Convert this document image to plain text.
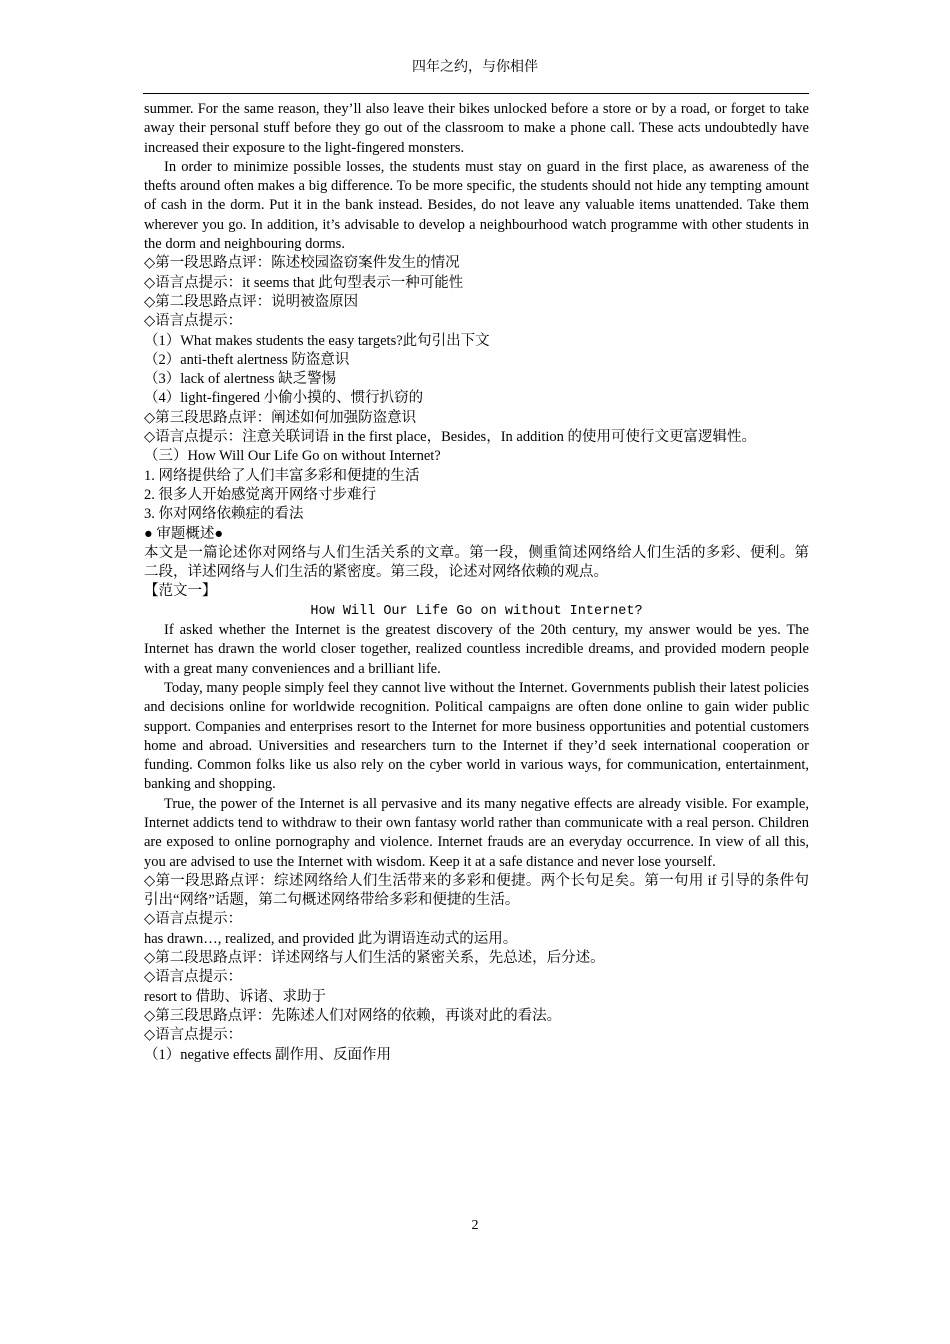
四年之约，与你相伴

summer. For the same reason, they’ll also leave their bikes unlocked before a store or by a road, or forget to take away their personal stuff before they go out of the classroom to make a phone call. These acts undoubtedly have increased their exposure to the light-fingered monsters.

In order to minimize possible losses, the students must stay on guard in the first place, as awareness of the thefts around often makes a big difference. To be more specific, the students should not hide any tempting amount of cash in the dorm. Put it in the bank instead. Besides, do not leave any valuable items unattended. Take them wherever you go. In addition, it’s advisable to develop a neighbourhood watch programme with other students in the dorm and neighbouring dorms.

◇第一段思路点评：陈述校园盗窃案件发生的情况

◇语言点提示：it seems that 此句型表示一种可能性

◇第二段思路点评：说明被盗原因

◇语言点提示：

（1）What makes students the easy targets?此句引出下文

（2）anti-theft alertness 防盗意识

（3）lack of alertness 缺乏警惕

（4）light-fingered 小偷小摸的、惯行扒窃的

◇第三段思路点评：阐述如何加强防盗意识

◇语言点提示：注意关联词语 in the first place，Besides，In addition 的使用可使行文更富逻辑性。

（三）How Will Our Life Go on without Internet?

1. 网络提供给了人们丰富多彩和便捷的生活

2. 很多人开始感觉离开网络寸步难行

3. 你对网络依赖症的看法

● 审题概述●

本文是一篇论述你对网络与人们生活关系的文章。第一段，侧重简述网络给人们生活的多彩、便利。第二段，详述网络与人们生活的紧密度。第三段，论述对网络依赖的观点。

【范文一】

How Will Our Life Go on without Internet?

If asked whether the Internet is the greatest discovery of the 20th century, my answer would be yes. The Internet has drawn the world closer together, realized countless incredible dreams, and provided modern people with a great many conveniences and a brilliant life.

Today, many people simply feel they cannot live without the Internet. Governments publish their latest policies and decisions online for worldwide recognition. Political campaigns are often done online to gain wider public support. Companies and enterprises resort to the Internet for more business opportunities and potential customers home and abroad. Universities and researchers turn to the Internet if they’d seek international cooperation or funding. Common folks like us also rely on the cyber world in various ways, for communication, entertainment, banking and shopping.

True, the power of the Internet is all pervasive and its many negative effects are already visible. For example, Internet addicts tend to withdraw to their own fantasy world rather than communicate with a real person. Children are exposed to online pornography and violence. Internet frauds are an everyday occurrence. In view of all this, you are advised to use the Internet with wisdom. Keep it at a safe distance and never lose yourself.

◇第一段思路点评：综述网络给人们生活带来的多彩和便捷。两个长句足矣。第一句用 if 引导的条件句引出“网络”话题，第二句概述网络带给多彩和便捷的生活。

◇语言点提示：

has drawn…, realized, and provided 此为谓语连动式的运用。

◇第二段思路点评：详述网络与人们生活的紧密关系，先总述，后分述。

◇语言点提示：

resort to 借助、诉诸、求助于

◇第三段思路点评：先陈述人们对网络的依赖，再谈对此的看法。

◇语言点提示：

（1）negative effects 副作用、反面作用

2
